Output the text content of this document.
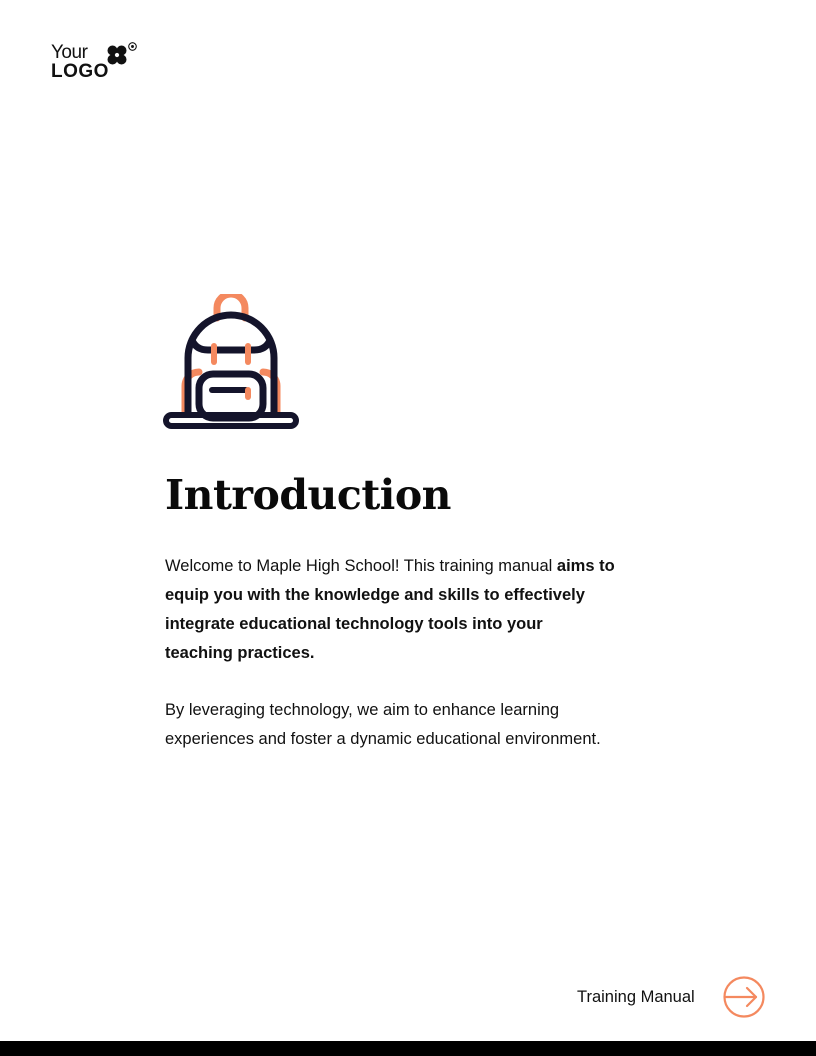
Your
LOGO
Introduction

Welcome to Maple High School! This training manual aims to equip you with the knowledge and skills to effectively integrate educational technology tools into your teaching practices.

By leveraging technology, we aim to enhance learning experiences and foster a dynamic educational environment.

Training Manual
